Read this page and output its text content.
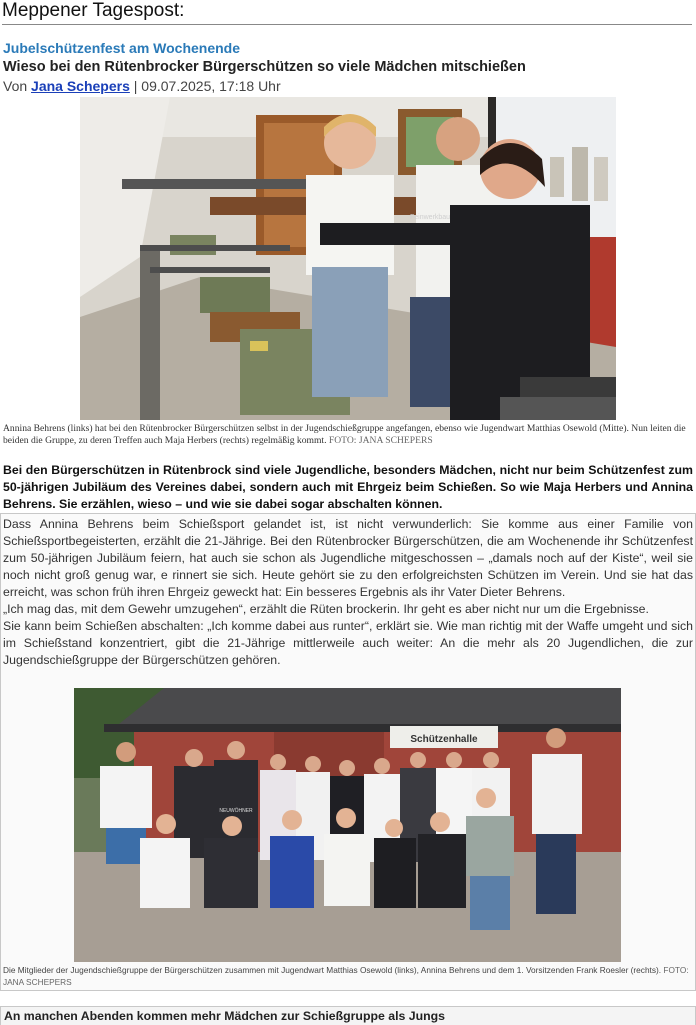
Meppener Tagespost:
Jubelschützenfest am Wochenende
Wieso bei den Rütenbrocker Bürgerschützen so viele Mädchen mitschießen
Von Jana Schepers | 09.07.2025, 17:18 Uhr
Feinwerkbau
Annina Behrens (links) hat bei den Rütenbrocker Bürgerschützen selbst in der Jugendschießgruppe angefangen, ebenso wie Jugendwart Matthias Osewold (Mitte). Nun leiten die beiden die Gruppe, zu deren Treffen auch Maja Herbers (rechts) regelmäßig kommt. FOTO: JANA SCHEPERS
Bei den Bürgerschützen in Rütenbrock sind viele Jugendliche, besonders Mädchen, nicht nur beim Schützenfest zum 50-jährigen Jubiläum des Vereines dabei, sondern auch mit Ehrgeiz beim Schießen. So wie Maja Herbers und Annina Behrens. Sie erzählen, wieso – und wie sie dabei sogar abschalten können.

Dass Annina Behrens beim Schießsport gelandet ist, ist nicht verwunderlich: Sie komme aus einer Familie von Schießsportbegeisterten, erzählt die 21-Jährige. Bei den Rütenbrocker Bürgerschützen, die am Wochenende ihr Schützenfest zum 50-jährigen Jubiläum feiern, hat auch sie schon als Jugendliche mitgeschossen – „damals noch auf der Kiste“, weil sie noch nicht groß genug war, e rinnert sie sich. Heute gehört sie zu den erfolgreichsten Schützen im Verein. Und sie hat das erreicht, was schon früh ihren Ehrgeiz geweckt hat: Ein besseres Ergebnis als ihr Vater Dieter Behrens.

„Ich mag das, mit dem Gewehr umzugehen“, erzählt die Rüten brockerin. Ihr geht es aber nicht nur um die Ergebnisse.

Sie kann beim Schießen abschalten: „Ich komme dabei aus runter“, erklärt sie. Wie man richtig mit der Waffe umgeht und sich im Schießstand konzentriert, gibt die 21-Jährige mittlerweile auch weiter: An die mehr als 20 Jugendlichen, die zur Jugendschießgruppe der Bürgerschützen gehören.

Schützenhalle
NEUWÖHNER
Die Mitglieder der Jugendschießgruppe der Bürgerschützen zusammen mit Jugendwart Matthias Osewold (links), Annina Behrens und dem 1. Vorsitzenden Frank Roesler (rechts). FOTO: JANA SCHEPERS
An manchen Abenden kommen mehr Mädchen zur Schießgruppe als Jungs
